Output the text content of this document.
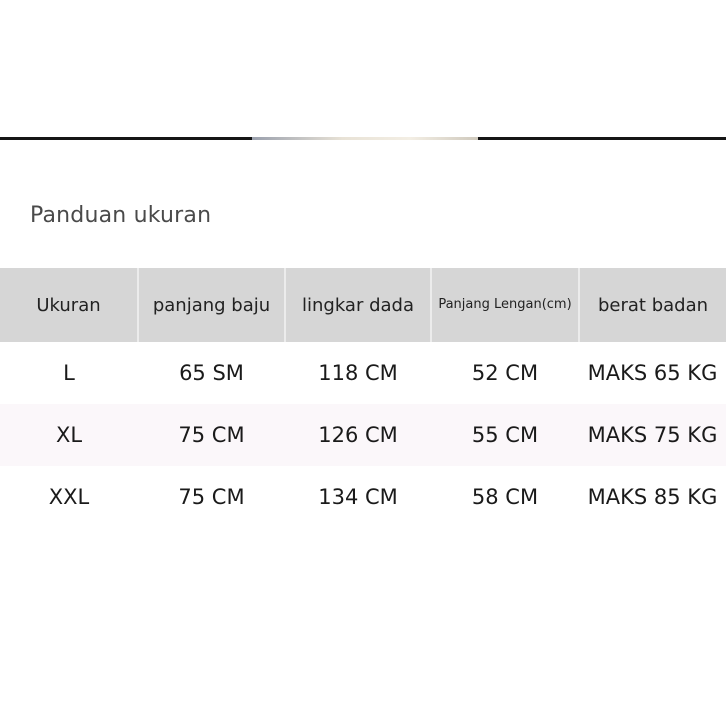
Panduan ukuran
Ukuran	panjang baju	lingkar dada	Panjang Lengan(cm)	berat badan
L	65 SM	118 CM	52 CM	MAKS 65 KG
XL	75 CM	126 CM	55 CM	MAKS 75 KG
XXL	75 CM	134 CM	58 CM	MAKS 85 KG
